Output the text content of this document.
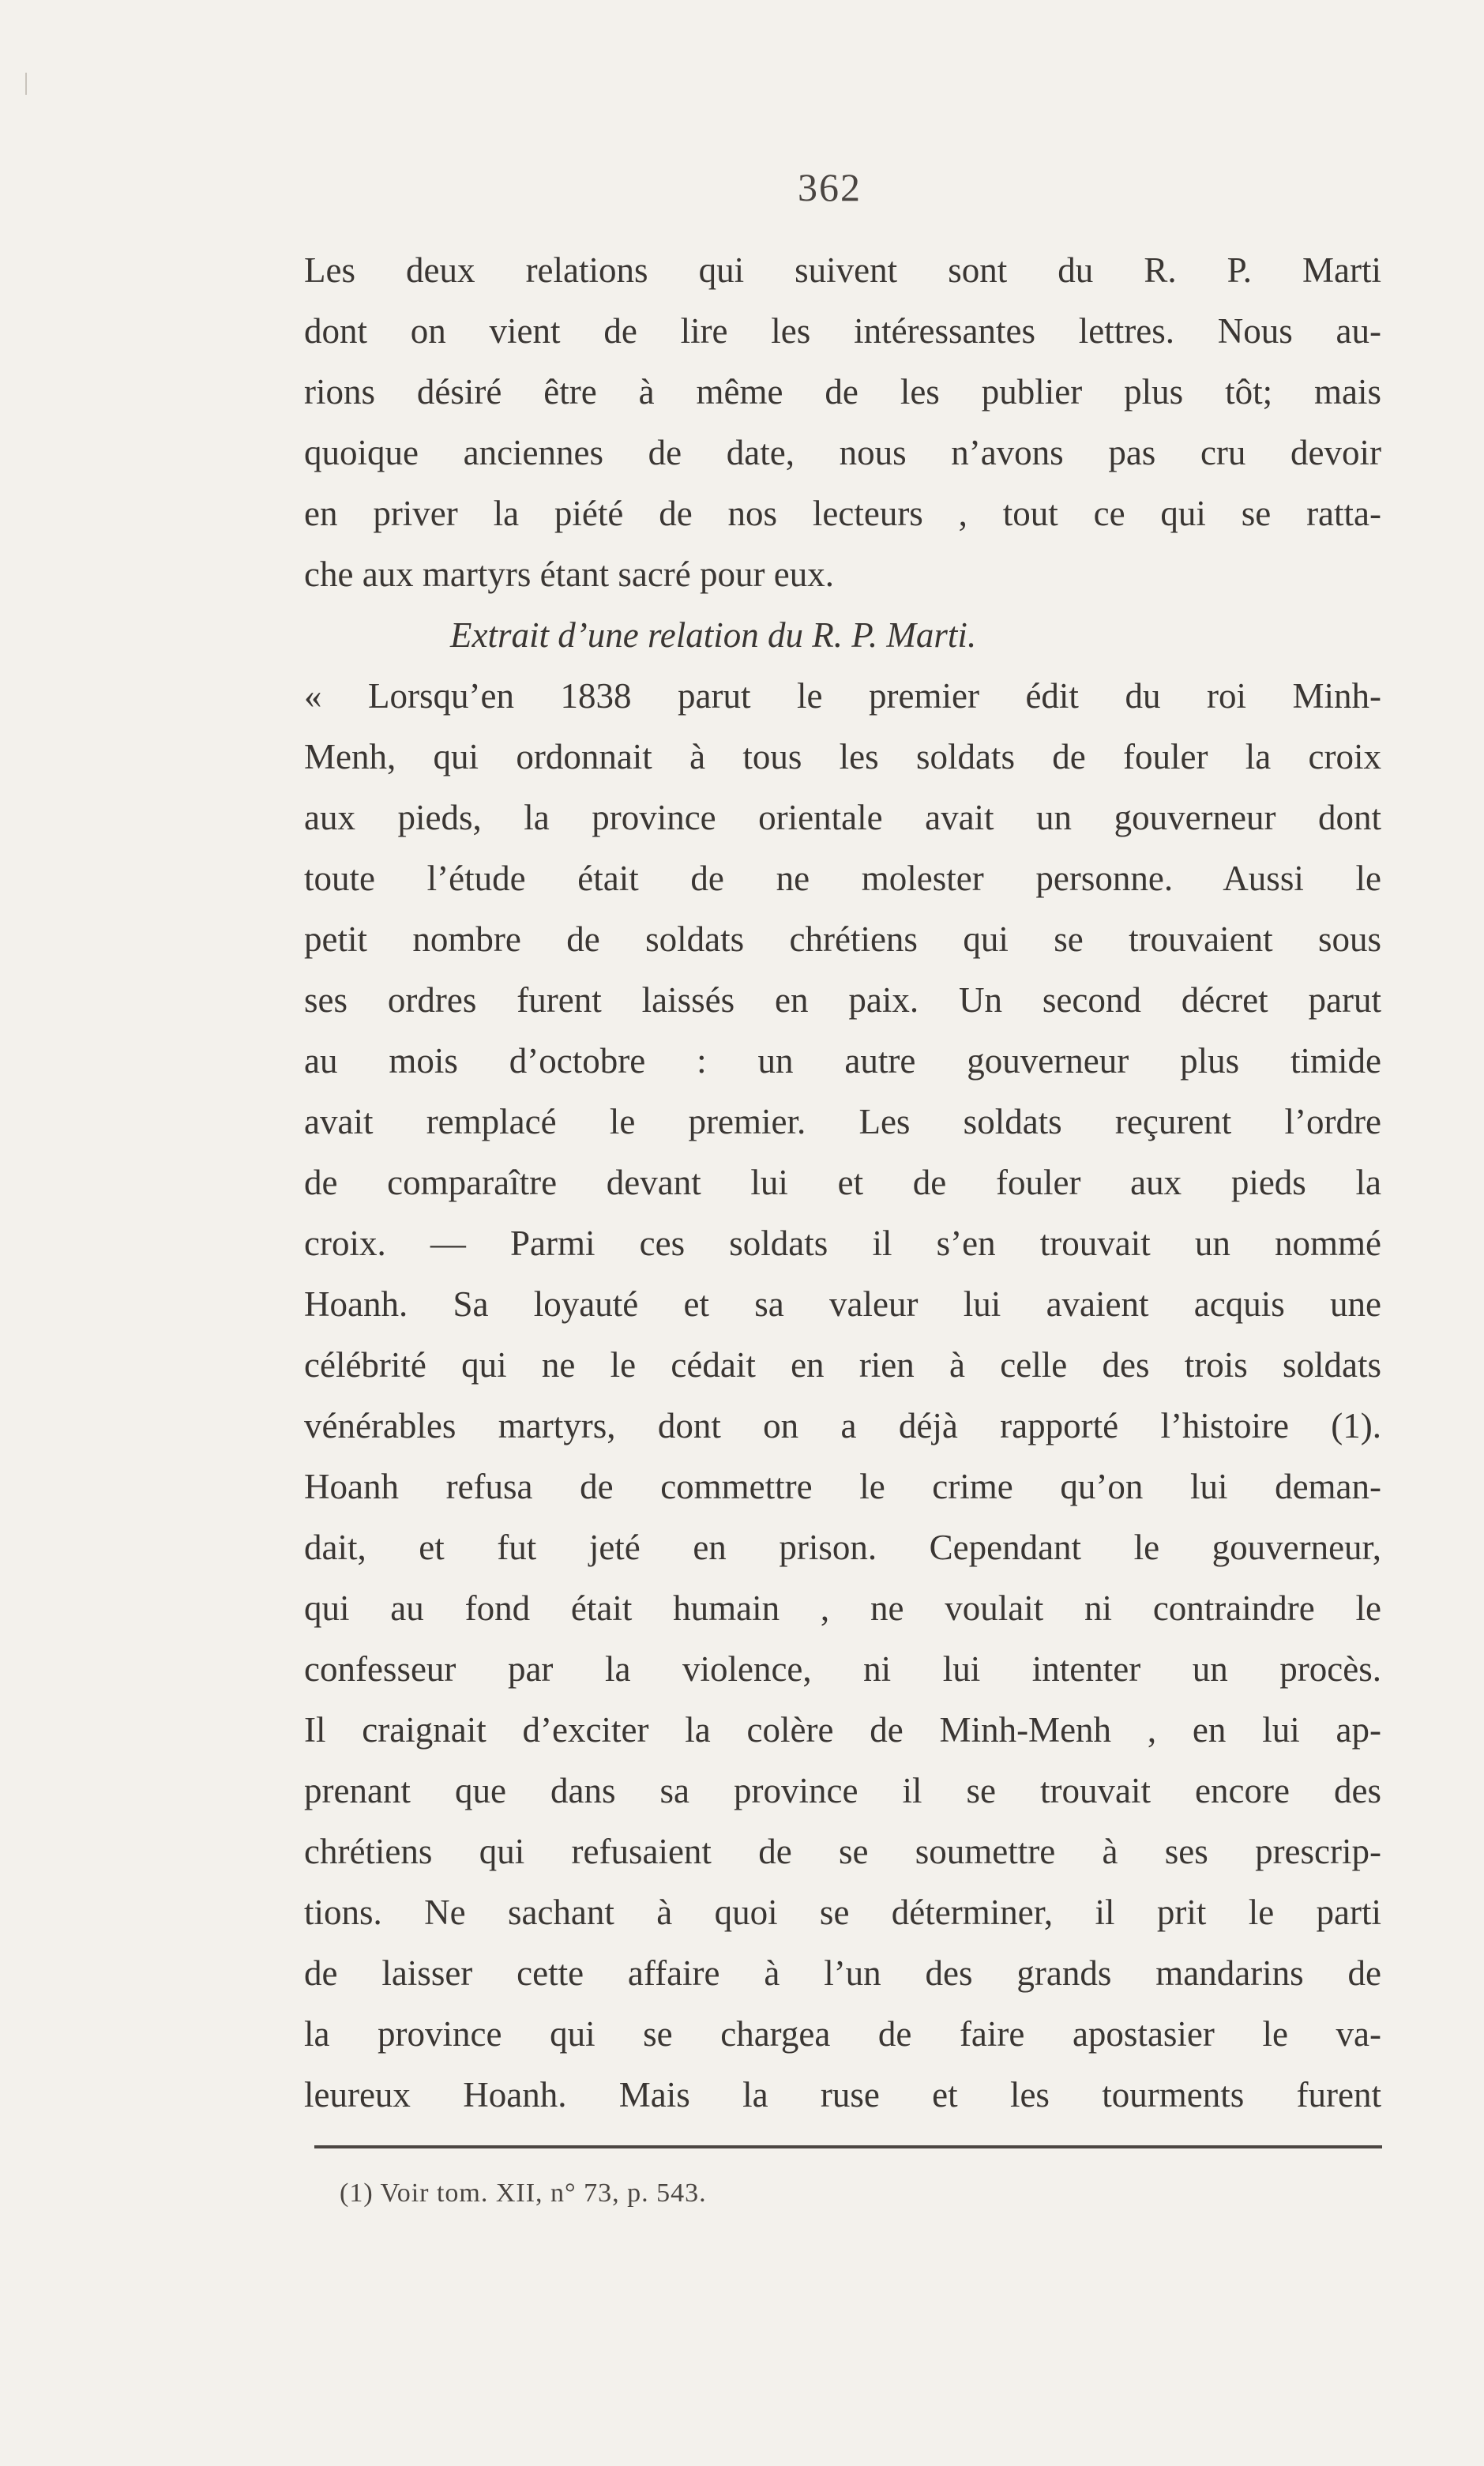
362
Les deux relations qui suivent sont du R. P. Marti
dont on vient de lire les intéressantes lettres. Nous au-
rions désiré être à même de les publier plus tôt; mais
quoique anciennes de date, nous n’avons pas cru devoir
en priver la piété de nos lecteurs , tout ce qui se ratta-
che aux martyrs étant sacré pour eux.
Extrait d’une relation du R. P. Marti.
« Lorsqu’en 1838 parut le premier édit du roi Minh-
Menh, qui ordonnait à tous les soldats de fouler la croix
aux pieds, la province orientale avait un gouverneur dont
toute l’étude était de ne molester personne. Aussi le
petit nombre de soldats chrétiens qui se trouvaient sous
ses ordres furent laissés en paix. Un second décret parut
au mois d’octobre : un autre gouverneur plus timide
avait remplacé le premier. Les soldats reçurent l’ordre
de comparaître devant lui et de fouler aux pieds la
croix. — Parmi ces soldats il s’en trouvait un nommé
Hoanh. Sa loyauté et sa valeur lui avaient acquis une
célébrité qui ne le cédait en rien à celle des trois soldats
vénérables martyrs, dont on a déjà rapporté l’histoire (1).
Hoanh refusa de commettre le crime qu’on lui deman-
dait, et fut jeté en prison. Cependant le gouverneur,
qui au fond était humain , ne voulait ni contraindre le
confesseur par la violence, ni lui intenter un procès.
Il craignait d’exciter la colère de Minh-Menh , en lui ap-
prenant que dans sa province il se trouvait encore des
chrétiens qui refusaient de se soumettre à ses prescrip-
tions. Ne sachant à quoi se déterminer, il prit le parti
de laisser cette affaire à l’un des grands mandarins de
la province qui se chargea de faire apostasier le va-
leureux Hoanh. Mais la ruse et les tourments furent
(1) Voir tom. XII, n° 73, p. 543.
